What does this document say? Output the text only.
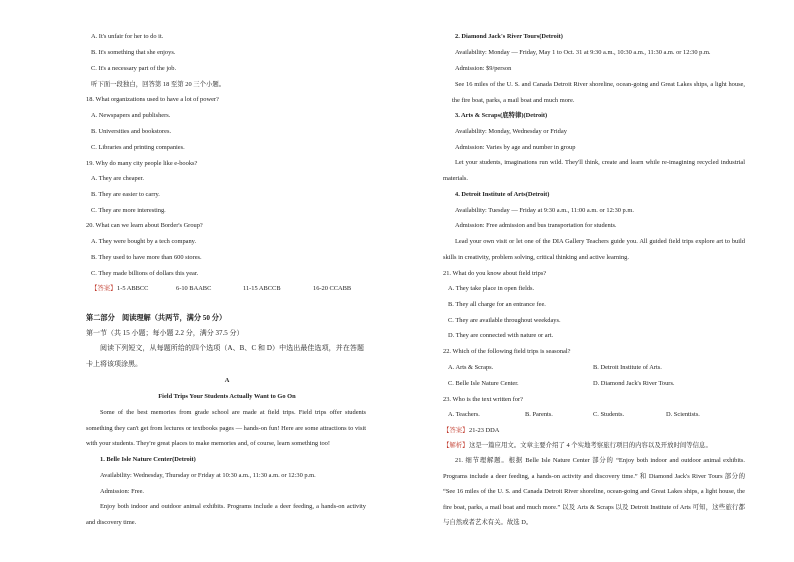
A. It's unfair for her to do it.
B. It's something that she enjoys.
C. It's a necessary part of the job.
听下面一段独白，回答第 18 至第 20 三个小题。
18. What organizations used to have a lot of power?
A. Newspapers and publishers.
B. Universities and bookstores.
C. Libraries and printing companies.
19. Why do many city people like e-books?
A. They are cheaper.
B. They are easier to carry.
C. They are more interesting.
20. What can we learn about Border's Group?
A. They were bought by a tech company.
B. They used to have more than 600 stores.
C. They made billions of dollars this year.
【答案】 1-5 ABBCC	6-10 BAABC	11-15 ABCCB	16-20 CCABB
第二部分　阅读理解（共两节，满分 50 分）
第一节（共 15 小题；每小题 2.2 分，满分 37.5 分）
阅读下列短文，从每题所给的四个选项（A、B、C 和 D）中选出最佳选项，并在答题卡上将该项涂黑。
A
Field Trips Your Students Actually Want to Go On
Some of the best memories from grade school are made at field trips. Field trips offer students something they can't get from lectures or textbooks pages — hands-on fun! Here are some attractions to visit with your students. They're great places to make memories and, of course, learn something too!
1. Belle Isle Nature Center(Detroit)
Availability: Wednesday, Thursday or Friday at 10:30 a.m., 11:30 a.m. or 12:30 p.m.
Admission: Free.
Enjoy both indoor and outdoor animal exhibits. Programs include a deer feeding, a hands-on activity and discovery time.
2. Diamond Jack's River Tours(Detroit)
Availability: Monday — Friday, May 1 to Oct. 31 at 9:30 a.m., 10:30 a.m., 11:30 a.m. or 12:30 p.m.
Admission: $9/person
See 16 miles of the U. S. and Canada Detroit River shoreline, ocean-going and Great Lakes ships, a light house, the fire boat, parks, a mail boat and much more.
3. Arts & Scraps(底特律)(Detroit)
Availability: Monday, Wednesday or Friday
Admission: Varies by age and number in group
Let your students, imaginations run wild. They'll think, create and learn while re-imagining recycled industrial materials.
4. Detroit Institute of Arts(Detroit)
Availability: Tuesday — Friday at 9:30 a.m., 11:00 a.m. or 12:30 p.m.
Admission: Free admission and bus transportation for students.
Lead your own visit or let one of the DIA Gallery Teachers guide you. All guided field trips explore art to build skills in creativity, problem solving, critical thinking and active learning.
21. What do you know about field trips?
A. They take place in open fields.
B. They all charge for an entrance fee.
C. They are available throughout weekdays.
D. They are connected with nature or art.
22. Which of the following field trips is seasonal?
A. Arts & Scraps.	B. Detroit Institute of Arts.
C. Belle Isle Nature Center.	D. Diamond Jack's River Tours.
23. Who is the text written for?
A. Teachers.	B. Parents.	C. Students.	D. Scientists.
【答案】 21-23 DDA
【解析】 这是一篇应用文。文章主要介绍了 4 个实地考察旅行项目的内容以及开放时间等信息。
21. 细节理解题。根据 Belle Isle Nature Center 部分的 “Enjoy both indoor and outdoor animal exhibits. Programs include a deer feeding, a hands-on activity and discovery time.” 和 Diamond Jack's River Tours 部分的 “See 16 miles of the U. S. and Canada Detroit River shoreline, ocean-going and Great Lakes ships, a light house, the fire boat, parks, a mail boat and much more.” 以及 Arts & Scraps 以及 Detroit Institute of Arts 可知，这些旅行都与自然或者艺术有关。故选 D。
